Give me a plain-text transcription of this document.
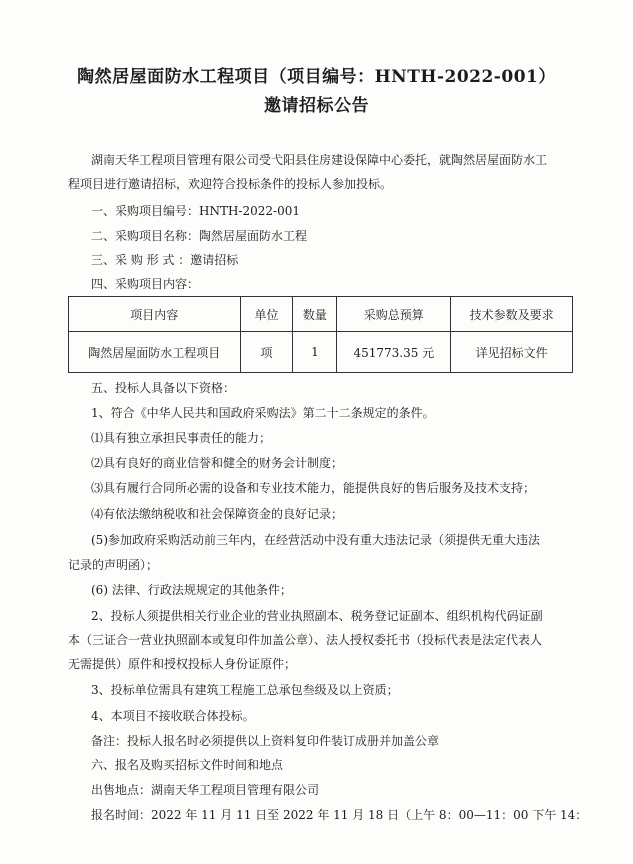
陶然居屋面防水工程项目（项目编号：HNTH-2022-001）
邀请招标公告
湖南天华工程项目管理有限公司受弋阳县住房建设保障中心委托，就陶然居屋面防水工
程项目进行邀请招标，欢迎符合投标条件的投标人参加投标。
一、采购项目编号：HNTH-2022-001
二、采购项目名称：陶然居屋面防水工程
三、采 购 形 式 ：邀请招标
四、采购项目内容：
项目内容	单位	数量	采购总预算	技术参数及要求
陶然居屋面防水工程项目	项	1	451773.35 元	详见招标文件
五、投标人具备以下资格：
1、符合《中华人民共和国政府采购法》第二十二条规定的条件。
⑴具有独立承担民事责任的能力；
⑵具有良好的商业信誉和健全的财务会计制度；
⑶具有履行合同所必需的设备和专业技术能力，能提供良好的售后服务及技术支持；
⑷有依法缴纳税收和社会保障资金的良好记录；
(5)参加政府采购活动前三年内，在经营活动中没有重大违法记录（须提供无重大违法
记录的声明函）；
(6) 法律、行政法规规定的其他条件；
2、投标人须提供相关行业企业的营业执照副本、税务登记证副本、组织机构代码证副
本（三证合一营业执照副本或复印件加盖公章）、法人授权委托书（投标代表是法定代表人
无需提供）原件和授权投标人身份证原件；
3、投标单位需具有建筑工程施工总承包叁级及以上资质；
4、本项目不接收联合体投标。
备注：投标人报名时必须提供以上资料复印件装订成册并加盖公章
六、报名及购买招标文件时间和地点
出售地点：湖南天华工程项目管理有限公司
报名时间：2022 年 11 月 11 日至 2022 年 11 月 18 日（上午 8：00—11：00 下午 14：
